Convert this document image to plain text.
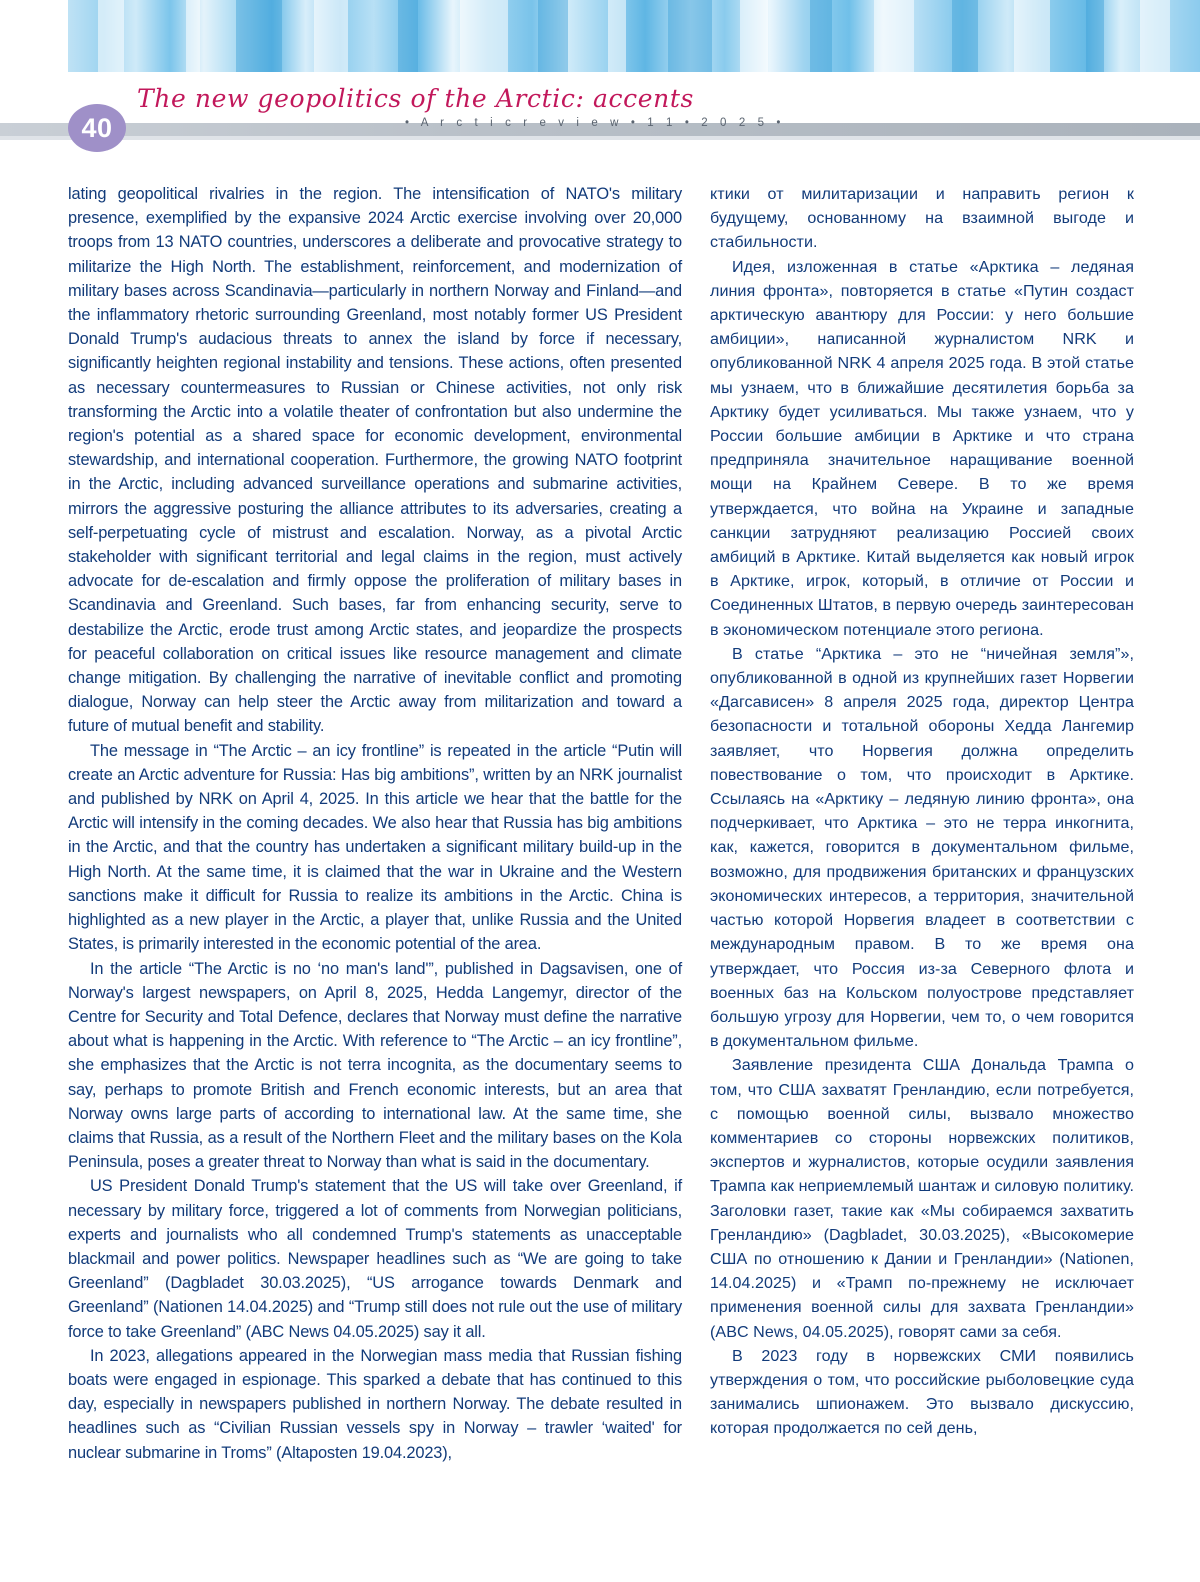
The new geopolitics of the Arctic: accents
40	• A r c t i c r e v i e w • 1 1 • 2 0 2 5 •

lating geopolitical rivalries in the region. The intensification of NATO's military presence, exemplified by the expansive 2024 Arctic exercise involving over 20,000 troops from 13 NATO countries, underscores a deliberate and provocative strategy to militarize the High North. The establishment, reinforcement, and modernization of military bases across Scandinavia—particularly in northern Norway and Finland—and the inflammatory rhetoric surrounding Greenland, most notably former US President Donald Trump's audacious threats to annex the island by force if necessary, significantly heighten regional instability and tensions. These actions, often presented as necessary countermeasures to Russian or Chinese activities, not only risk transforming the Arctic into a volatile theater of confrontation but also undermine the region's potential as a shared space for economic development, environmental stewardship, and international cooperation. Furthermore, the growing NATO footprint in the Arctic, including advanced surveillance operations and submarine activities, mirrors the aggressive posturing the alliance attributes to its adversaries, creating a self-perpetuating cycle of mistrust and escalation. Norway, as a pivotal Arctic stakeholder with significant territorial and legal claims in the region, must actively advocate for de-escalation and firmly oppose the proliferation of military bases in Scandinavia and Greenland. Such bases, far from enhancing security, serve to destabilize the Arctic, erode trust among Arctic states, and jeopardize the prospects for peaceful collaboration on critical issues like resource management and climate change mitigation. By challenging the narrative of inevitable conflict and promoting dialogue, Norway can help steer the Arctic away from militarization and toward a future of mutual benefit and stability.

The message in “The Arctic – an icy frontline” is repeated in the article “Putin will create an Arctic adventure for Russia: Has big ambitions”, written by an NRK journalist and published by NRK on April 4, 2025. In this article we hear that the battle for the Arctic will intensify in the coming decades. We also hear that Russia has big ambitions in the Arctic, and that the country has undertaken a significant military build-up in the High North. At the same time, it is claimed that the war in Ukraine and the Western sanctions make it difficult for Russia to realize its ambitions in the Arctic. China is highlighted as a new player in the Arctic, a player that, unlike Russia and the United States, is primarily interested in the economic potential of the area.

In the article “The Arctic is no ‘no man's land'”, published in Dagsavisen, one of Norway's largest newspapers, on April 8, 2025, Hedda Langemyr, director of the Centre for Security and Total Defence, declares that Norway must define the narrative about what is happening in the Arctic. With reference to “The Arctic – an icy frontline”, she emphasizes that the Arctic is not terra incognita, as the documentary seems to say, perhaps to promote British and French economic interests, but an area that Norway owns large parts of according to international law. At the same time, she claims that Russia, as a result of the Northern Fleet and the military bases on the Kola Peninsula, poses a greater threat to Norway than what is said in the documentary.

US President Donald Trump's statement that the US will take over Greenland, if necessary by military force, triggered a lot of comments from Norwegian politicians, experts and journalists who all condemned Trump's statements as unacceptable blackmail and power politics. Newspaper headlines such as “We are going to take Greenland” (Dagbladet 30.03.2025), “US arrogance towards Denmark and Greenland” (Nationen 14.04.2025) and “Trump still does not rule out the use of military force to take Greenland” (ABC News 04.05.2025) say it all.

In 2023, allegations appeared in the Norwegian mass media that Russian fishing boats were engaged in espionage. This sparked a debate that has continued to this day, especially in newspapers published in northern Norway. The debate resulted in headlines such as “Civilian Russian vessels spy in Norway – trawler ‘waited' for nuclear submarine in Troms” (Altaposten 19.04.2023),

ктики от милитаризации и направить регион к будущему, основанному на взаимной выгоде и стабильности.

Идея, изложенная в статье «Арктика – ледяная линия фронта», повторяется в статье «Путин создаст арктическую авантюру для России: у него большие амбиции», написанной журналистом NRK и опубликованной NRK 4 апреля 2025 года. В этой статье мы узнаем, что в ближайшие десятилетия борьба за Арктику будет усиливаться. Мы также узнаем, что у России большие амбиции в Арктике и что страна предприняла значительное наращивание военной мощи на Крайнем Севере. В то же время утверждается, что война на Украине и западные санкции затрудняют реализацию Россией своих амбиций в Арктике. Китай выделяется как новый игрок в Арктике, игрок, который, в отличие от России и Соединенных Штатов, в первую очередь заинтересован в экономическом потенциале этого региона.

В статье “Арктика – это не “ничейная земля”», опубликованной в одной из крупнейших газет Норвегии «Дагсависен» 8 апреля 2025 года, директор Центра безопасности и тотальной обороны Хедда Лангемир заявляет, что Норвегия должна определить повествование о том, что происходит в Арктике. Ссылаясь на «Арктику – ледяную линию фронта», она подчеркивает, что Арктика – это не терра инкогнита, как, кажется, говорится в документальном фильме, возможно, для продвижения британских и французских экономических интересов, а территория, значительной частью которой Норвегия владеет в соответствии с международным правом. В то же время она утверждает, что Россия из-за Северного флота и военных баз на Кольском полуострове представляет большую угрозу для Норвегии, чем то, о чем говорится в документальном фильме.

Заявление президента США Дональда Трампа о том, что США захватят Гренландию, если потребуется, с помощью военной силы, вызвало множество комментариев со стороны норвежских политиков, экспертов и журналистов, которые осудили заявления Трампа как неприемлемый шантаж и силовую политику. Заголовки газет, такие как «Мы собираемся захватить Гренландию» (Dagbladet, 30.03.2025), «Высокомерие США по отношению к Дании и Гренландии» (Nationen, 14.04.2025) и «Трамп по-прежнему не исключает применения военной силы для захвата Гренландии» (ABC News, 04.05.2025), говорят сами за себя.

В 2023 году в норвежских СМИ появились утверждения о том, что российские рыболовецкие суда занимались шпионажем. Это вызвало дискуссию, которая продолжается по сей день,
